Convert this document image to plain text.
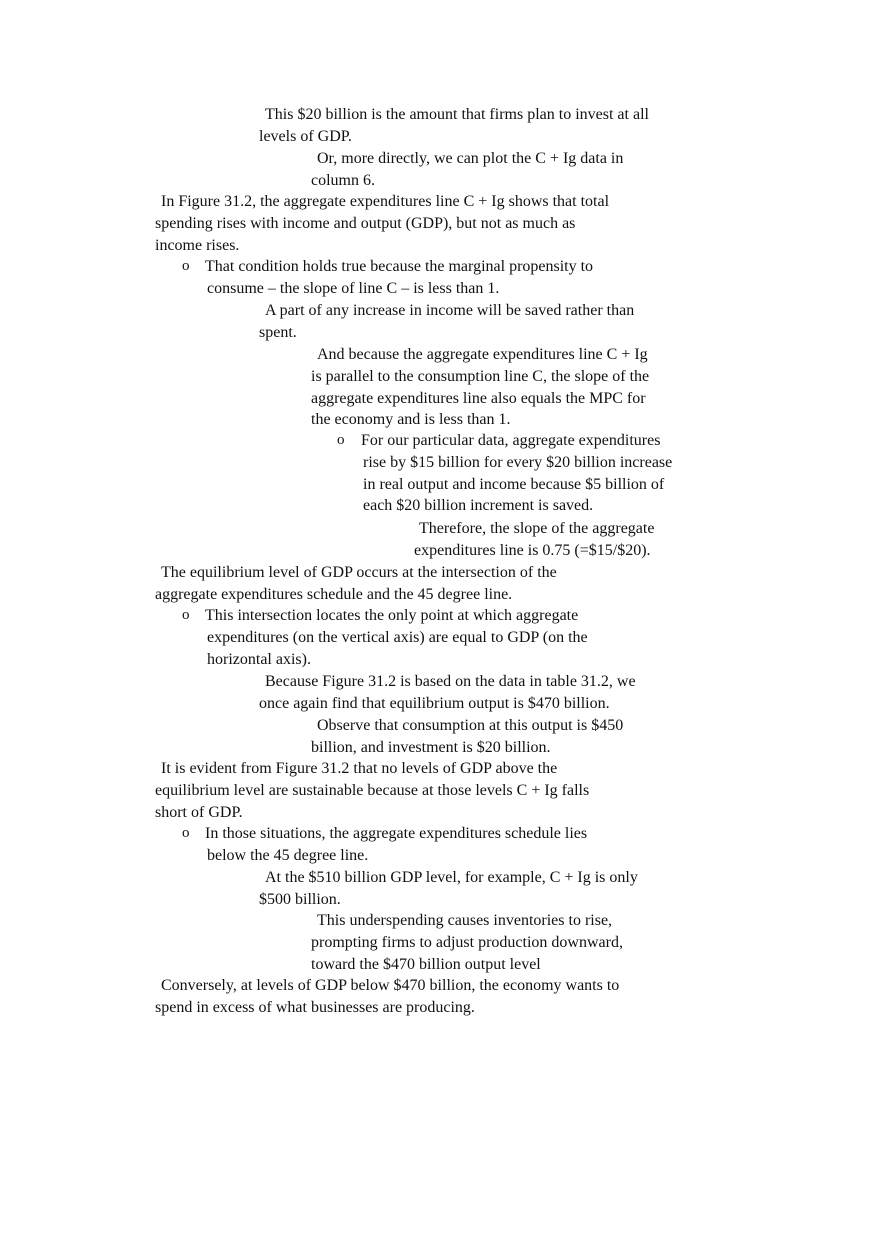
This $20 billion is the amount that firms plan to invest at all
levels of GDP.
Or, more directly, we can plot the C + Ig data in
column 6.
In Figure 31.2, the aggregate expenditures line C + Ig shows that total
spending rises with income and output (GDP), but not as much as
income rises.
o That condition holds true because the marginal propensity to
consume – the slope of line C – is less than 1.
A part of any increase in income will be saved rather than
spent.
And because the aggregate expenditures line C + Ig
is parallel to the consumption line C, the slope of the
aggregate expenditures line also equals the MPC for
the economy and is less than 1.
o	For our particular data, aggregate expenditures
rise by $15 billion for every $20 billion increase
in real output and income because $5 billion of
each $20 billion increment is saved.
Therefore, the slope of the aggregate
expenditures line is 0.75 (=$15/$20).
The equilibrium level of GDP occurs at the intersection of the
aggregate expenditures schedule and the 45 degree line.
o This intersection locates the only point at which aggregate
expenditures (on the vertical axis) are equal to GDP (on the
horizontal axis).
Because Figure 31.2 is based on the data in table 31.2, we
once again find that equilibrium output is $470 billion.
Observe that consumption at this output is $450
billion, and investment is $20 billion.
It is evident from Figure 31.2 that no levels of GDP above the
equilibrium level are sustainable because at those levels C + Ig falls
short of GDP.
o In those situations, the aggregate expenditures schedule lies
below the 45 degree line.
At the $510 billion GDP level, for example, C + Ig is only
$500 billion.
This underspending causes inventories to rise,
prompting firms to adjust production downward,
toward the $470 billion output level
Conversely, at levels of GDP below $470 billion, the economy wants to
spend in excess of what businesses are producing.
